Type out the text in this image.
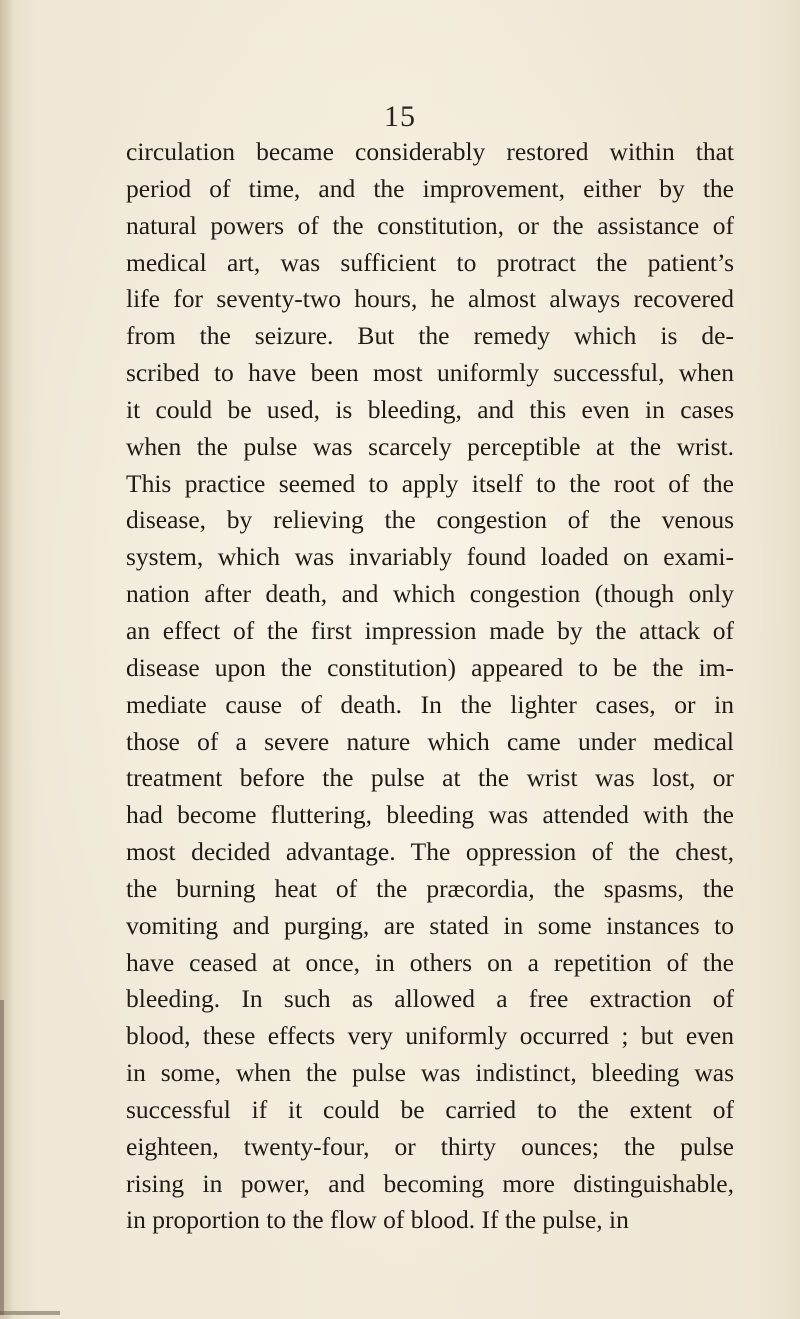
15
circulation became considerably restored within that
period of time, and the improvement, either by the
natural powers of the constitution, or the assistance of
medical art, was sufficient to protract the patient’s
life for seventy-two hours, he almost always recovered
from the seizure. But the remedy which is de-
scribed to have been most uniformly successful, when
it could be used, is bleeding, and this even in cases
when the pulse was scarcely perceptible at the wrist.
This practice seemed to apply itself to the root of the
disease, by relieving the congestion of the venous
system, which was invariably found loaded on exami-
nation after death, and which congestion (though only
an effect of the first impression made by the attack of
disease upon the constitution) appeared to be the im-
mediate cause of death. In the lighter cases, or in
those of a severe nature which came under medical
treatment before the pulse at the wrist was lost, or
had become fluttering, bleeding was attended with the
most decided advantage. The oppression of the chest,
the burning heat of the præcordia, the spasms, the
vomiting and purging, are stated in some instances to
have ceased at once, in others on a repetition of the
bleeding. In such as allowed a free extraction of
blood, these effects very uniformly occurred ; but even
in some, when the pulse was indistinct, bleeding was
successful if it could be carried to the extent of
eighteen, twenty-four, or thirty ounces; the pulse
rising in power, and becoming more distinguishable,
in proportion to the flow of blood. If the pulse, in
